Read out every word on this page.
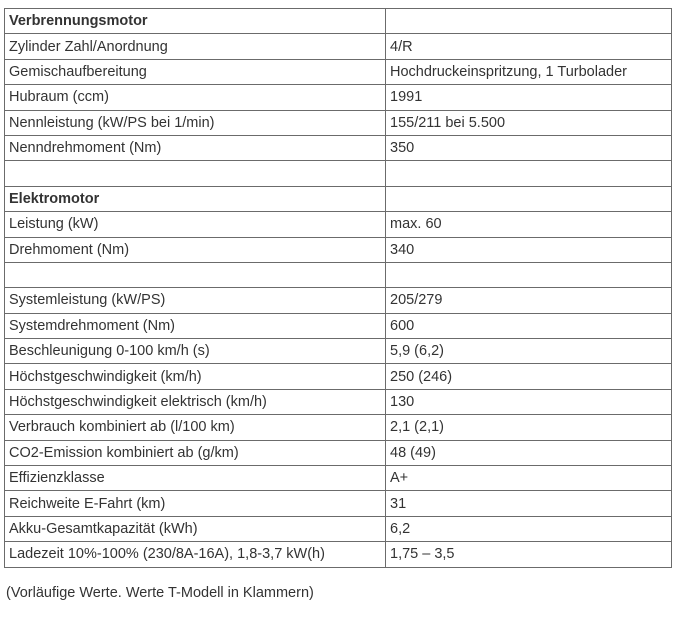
Verbrennungsmotor	
Zylinder Zahl/Anordnung	4/R
Gemischaufbereitung	Hochdruckeinspritzung, 1 Turbolader
Hubraum (ccm)	1991
Nennleistung (kW/PS bei 1/min)	155/211 bei 5.500
Nenndrehmoment (Nm)	350

Elektromotor	
Leistung (kW)	max. 60
Drehmoment (Nm)	340

Systemleistung (kW/PS)	205/279
Systemdrehmoment (Nm)	600
Beschleunigung 0-100 km/h (s)	5,9 (6,2)
Höchstgeschwindigkeit (km/h)	250 (246)
Höchstgeschwindigkeit elektrisch (km/h)	130
Verbrauch kombiniert ab (l/100 km)	2,1 (2,1)
CO2-Emission kombiniert ab (g/km)	48 (49)
Effizienzklasse	A+
Reichweite E-Fahrt (km)	31
Akku-Gesamtkapazität (kWh)	6,2
Ladezeit 10%-100% (230/8A-16A), 1,8-3,7 kW(h)	1,75 – 3,5
(Vorläufige Werte. Werte T-Modell in Klammern)
